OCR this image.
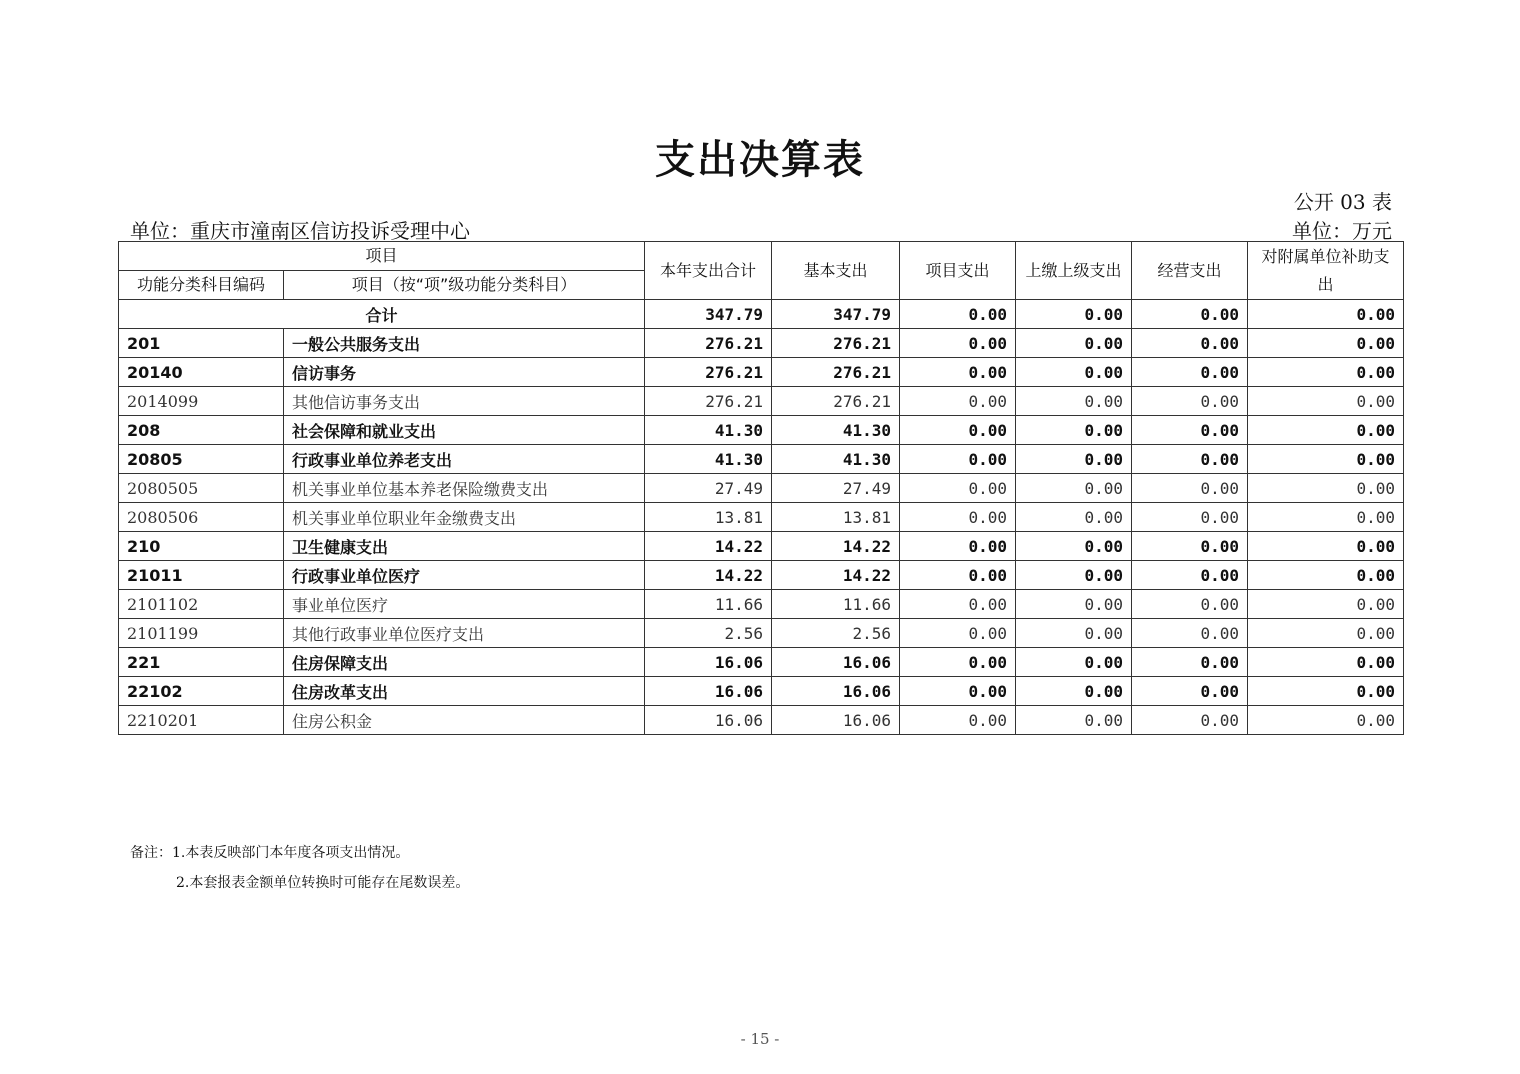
支出决算表
公开 03 表
单位：重庆市潼南区信访投诉受理中心	单位：万元
项目		本年支出合计	基本支出	项目支出	上缴上级支出	经营支出	对附属单位补助支出
功能分类科目编码	项目（按“项”级功能分类科目）						
合计		347.79	347.79	0.00	0.00	0.00	0.00
201	一般公共服务支出	276.21	276.21	0.00	0.00	0.00	0.00
20140	信访事务	276.21	276.21	0.00	0.00	0.00	0.00
2014099	其他信访事务支出	276.21	276.21	0.00	0.00	0.00	0.00
208	社会保障和就业支出	41.30	41.30	0.00	0.00	0.00	0.00
20805	行政事业单位养老支出	41.30	41.30	0.00	0.00	0.00	0.00
2080505	机关事业单位基本养老保险缴费支出	27.49	27.49	0.00	0.00	0.00	0.00
2080506	机关事业单位职业年金缴费支出	13.81	13.81	0.00	0.00	0.00	0.00
210	卫生健康支出	14.22	14.22	0.00	0.00	0.00	0.00
21011	行政事业单位医疗	14.22	14.22	0.00	0.00	0.00	0.00
2101102	事业单位医疗	11.66	11.66	0.00	0.00	0.00	0.00
2101199	其他行政事业单位医疗支出	2.56	2.56	0.00	0.00	0.00	0.00
221	住房保障支出	16.06	16.06	0.00	0.00	0.00	0.00
22102	住房改革支出	16.06	16.06	0.00	0.00	0.00	0.00
2210201	住房公积金	16.06	16.06	0.00	0.00	0.00	0.00
备注：1.本表反映部门本年度各项支出情况。
2.本套报表金额单位转换时可能存在尾数误差。
- 15 -
